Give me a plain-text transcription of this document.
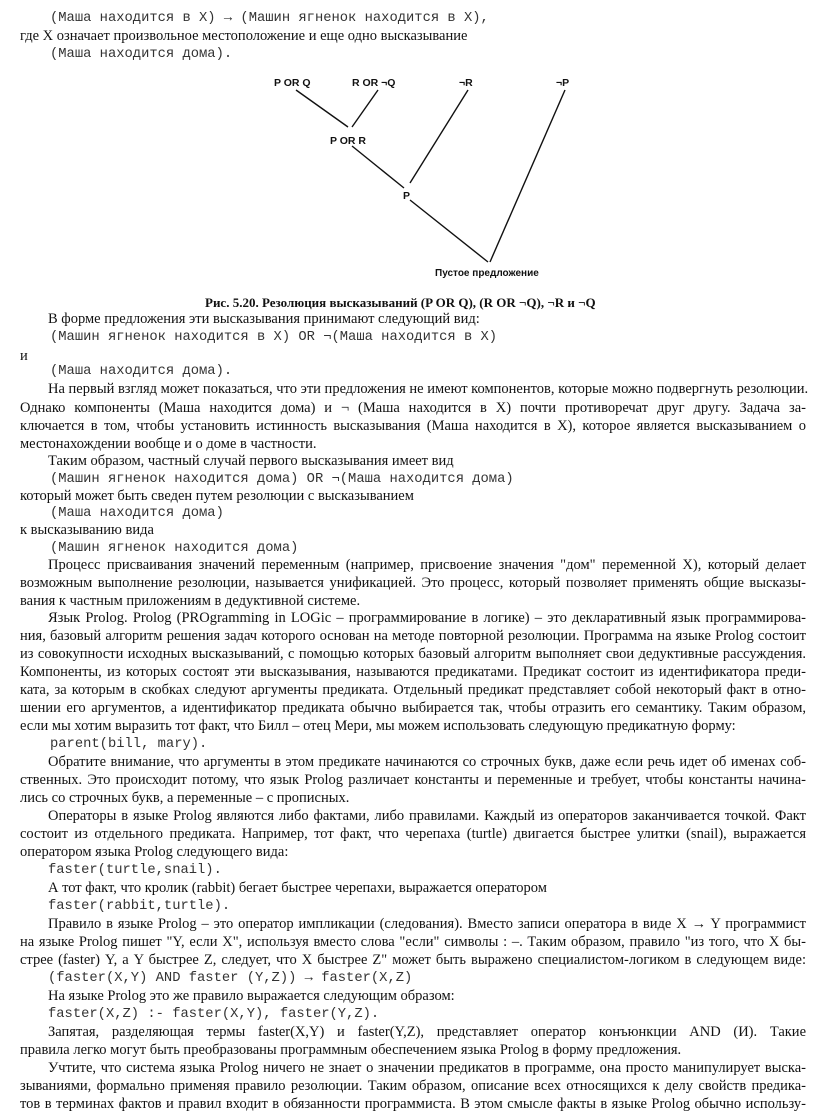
P OR Q	R OR ¬Q	¬R	¬P
P OR R
P
Пустое предложение
Рис. 5.20. Резолюция высказываний (P OR Q), (R OR ¬Q), ¬R и ¬Q
(Маша находится в X) → (Машин ягненок находится в X),
где X означает произвольное местоположение и еще одно высказывание
(Маша находится дома).
В форме предложения эти высказывания принимают следующий вид:
(Машин ягненок находится в X) OR ¬(Маша находится в X)
и
(Маша находится дома).
На первый взгляд может показаться, что эти предложения не имеют компонентов, которые можно подвергнуть резолюции.
Однако компоненты (Маша находится дома) и ¬ (Маша находится в X) почти противоречат друг другу. Задача за-
ключается в том, чтобы установить истинность высказывания (Маша находится в X), которое является высказыванием о
местонахождении вообще и о доме в частности.
Таким образом, частный случай первого высказывания имеет вид
(Машин ягненок находится дома) OR ¬(Маша находится дома)
который может быть сведен путем резолюции с высказыванием
(Маша находится дома)
к высказыванию вида
(Машин ягненок находится дома)
Процесс присваивания значений переменным (например, присвоение значения "дом" переменной X), который делает
возможным выполнение резолюции, называется унификацией. Это процесс, который позволяет применять общие высказы-
вания к частным приложениям в дедуктивной системе.
Язык Prolog. Prolog (PROgramming in LOGic – программирование в логике) – это декларативный язык программирова-
ния, базовый алгоритм решения задач которого основан на методе повторной резолюции. Программа на языке Prolog состоит
из совокупности исходных высказываний, с помощью которых базовый алгоритм выполняет свои дедуктивные рассуждения.
Компоненты, из которых состоят эти высказывания, называются предикатами. Предикат состоит из идентификатора преди-
ката, за которым в скобках следуют аргументы предиката. Отдельный предикат представляет собой некоторый факт в отно-
шении его аргументов, а идентификатор предиката обычно выбирается так, чтобы отразить его семантику. Таким образом,
если мы хотим выразить тот факт, что Билл – отец Мери, мы можем использовать следующую предикатную форму:
parent(bill, mary).
Обратите внимание, что аргументы в этом предикате начинаются со строчных букв, даже если речь идет об именах соб-
ственных. Это происходит потому, что язык Prolog различает константы и переменные и требует, чтобы константы начина-
лись со строчных букв, а переменные – с прописных.
Операторы в языке Prolog являются либо фактами, либо правилами. Каждый из операторов заканчивается точкой. Факт
состоит из отдельного предиката. Например, тот факт, что черепаха (turtle) двигается быстрее улитки (snail), выражается
оператором языка Prolog следующего вида:
faster(turtle,snail).
А тот факт, что кролик (rabbit) бегает быстрее черепахи, выражается оператором
faster(rabbit,turtle).
Правило в языке Prolog – это оператор импликации (следования). Вместо записи оператора в виде X → Y программист
на языке Prolog пишет "Y, если X", используя вместо слова "если" символы : –. Таким образом, правило "из того, что X бы-
стрее (faster) Y, а Y быстрее Z, следует, что X быстрее Z" может быть выражено специалистом-логиком в следующем виде:
(faster(X,Y) AND faster (Y,Z)) → faster(X,Z)
На языке Prolog это же правило выражается следующим образом:
faster(X,Z) :- faster(X,Y), faster(Y,Z).
Запятая, разделяющая термы faster(X,Y) и faster(Y,Z), представляет оператор конъюнкции AND (И). Такие
правила легко могут быть преобразованы программным обеспечением языка Prolog в форму предложения.
Учтите, что система языка Prolog ничего не знает о значении предикатов в программе, она просто манипулирует выска-
зываниями, формально применяя правило резолюции. Таким образом, описание всех относящихся к делу свойств предика-
тов в терминах фактов и правил входит в обязанности программиста. В этом смысле факты в языке Prolog обычно использу-
